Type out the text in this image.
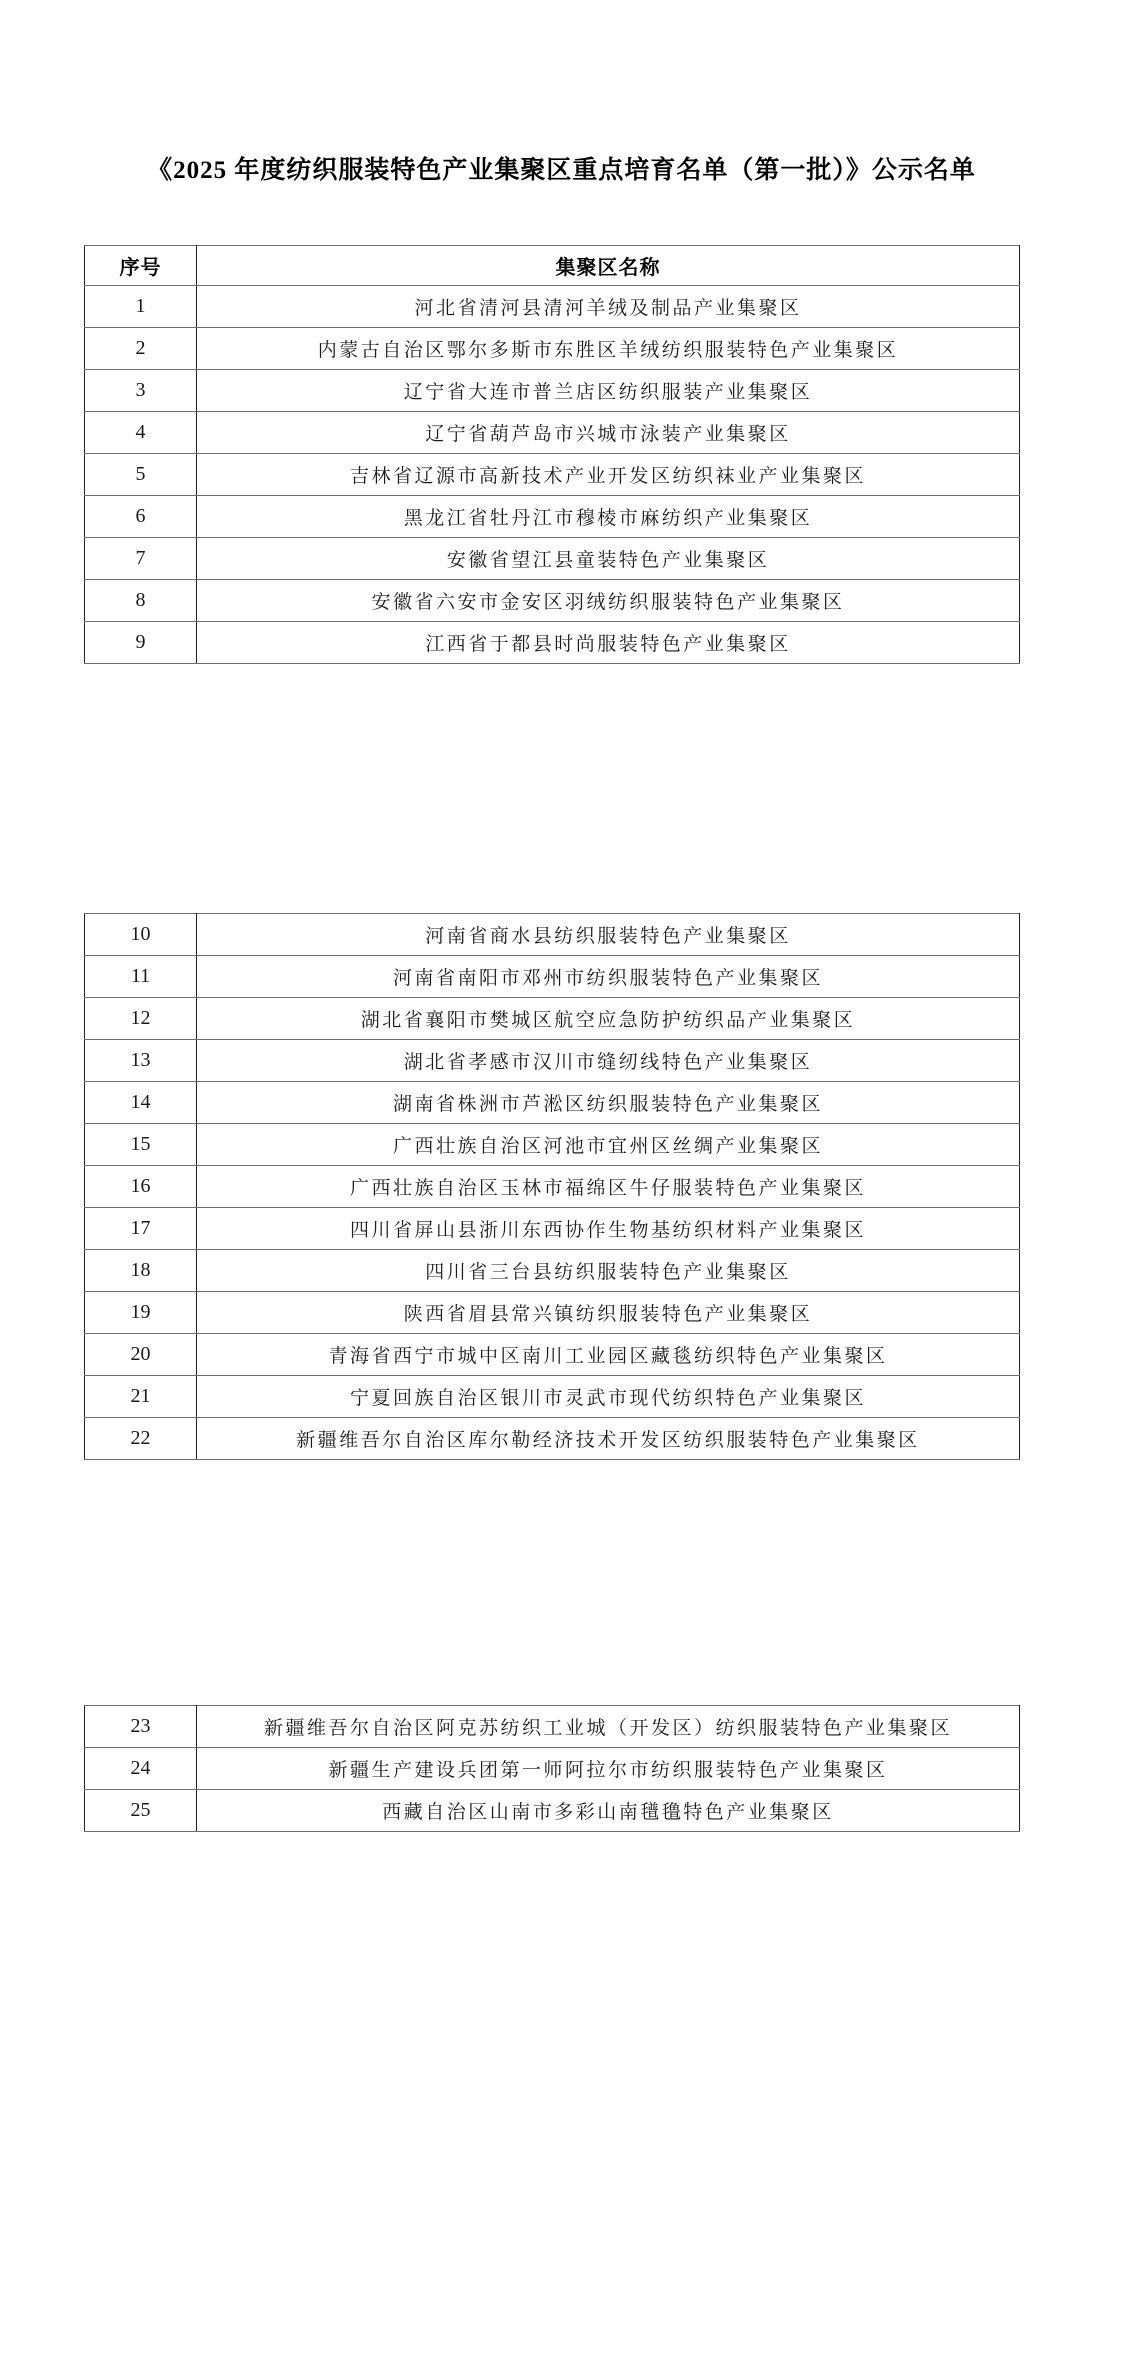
《2025 年度纺织服装特色产业集聚区重点培育名单（第一批）》公示名单
序号	集聚区名称
1	河北省清河县清河羊绒及制品产业集聚区
2	内蒙古自治区鄂尔多斯市东胜区羊绒纺织服装特色产业集聚区
3	辽宁省大连市普兰店区纺织服装产业集聚区
4	辽宁省葫芦岛市兴城市泳装产业集聚区
5	吉林省辽源市高新技术产业开发区纺织袜业产业集聚区
6	黑龙江省牡丹江市穆棱市麻纺织产业集聚区
7	安徽省望江县童装特色产业集聚区
8	安徽省六安市金安区羽绒纺织服装特色产业集聚区
9	江西省于都县时尚服装特色产业集聚区
10	河南省商水县纺织服装特色产业集聚区
11	河南省南阳市邓州市纺织服装特色产业集聚区
12	湖北省襄阳市樊城区航空应急防护纺织品产业集聚区
13	湖北省孝感市汉川市缝纫线特色产业集聚区
14	湖南省株洲市芦淞区纺织服装特色产业集聚区
15	广西壮族自治区河池市宜州区丝绸产业集聚区
16	广西壮族自治区玉林市福绵区牛仔服装特色产业集聚区
17	四川省屏山县浙川东西协作生物基纺织材料产业集聚区
18	四川省三台县纺织服装特色产业集聚区
19	陕西省眉县常兴镇纺织服装特色产业集聚区
20	青海省西宁市城中区南川工业园区藏毯纺织特色产业集聚区
21	宁夏回族自治区银川市灵武市现代纺织特色产业集聚区
22	新疆维吾尔自治区库尔勒经济技术开发区纺织服装特色产业集聚区
23	新疆维吾尔自治区阿克苏纺织工业城（开发区）纺织服装特色产业集聚区
24	新疆生产建设兵团第一师阿拉尔市纺织服装特色产业集聚区
25	西藏自治区山南市多彩山南氆氇特色产业集聚区
